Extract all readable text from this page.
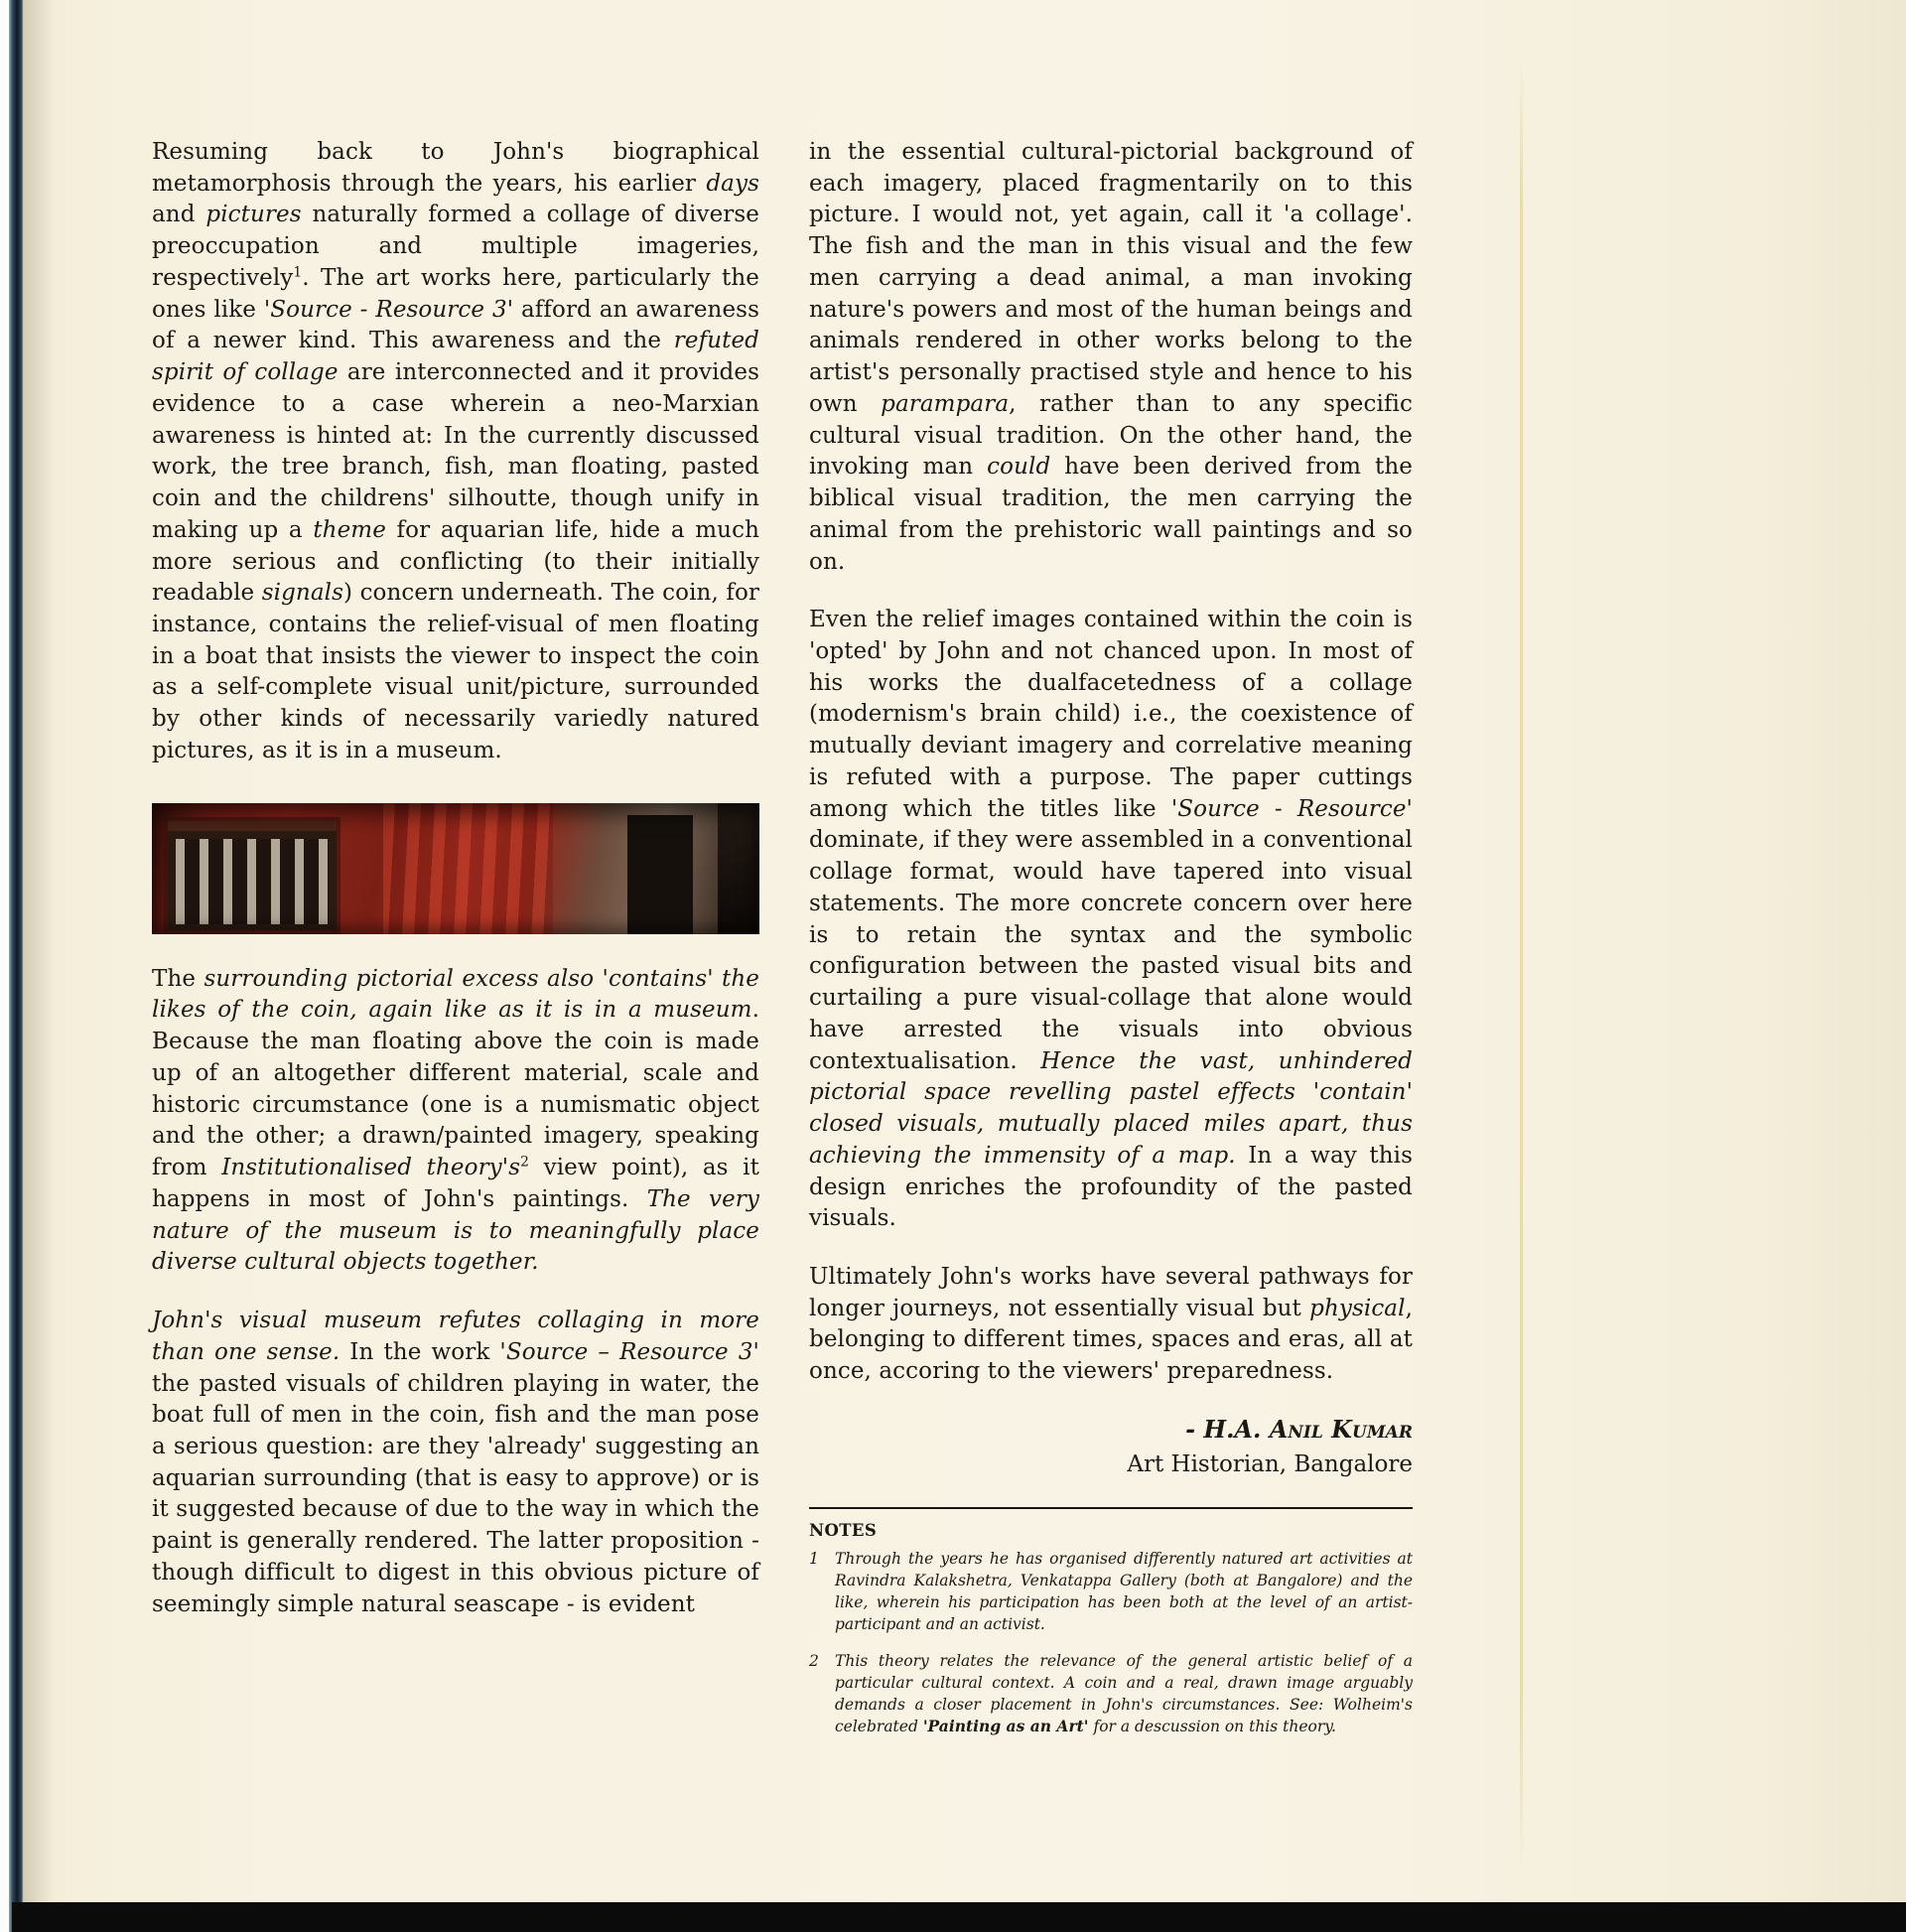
Resuming back to John's biographical metamorphosis through the years, his earlier days and pictures naturally formed a collage of diverse preoccupation and multiple imageries, respectively$^1$. The art works here, particularly the ones like 'Source - Resource 3' afford an awareness of a newer kind. This awareness and the refuted spirit of collage are interconnected and it provides evidence to a case wherein a neo-Marxian awareness is hinted at: In the currently discussed work, the tree branch, fish, man floating, pasted coin and the childrens' silhoutte, though unify in making up a theme for aquarian life, hide a much more serious and conflicting (to their initially readable signals) concern underneath. The coin, for instance, contains the relief-visual of men floating in a boat that insists the viewer to inspect the coin as a self-complete visual unit/picture, surrounded by other kinds of necessarily variedly natured pictures, as it is in a museum.

The surrounding pictorial excess also 'contains' the likes of the coin, again like as it is in a museum. Because the man floating above the coin is made up of an altogether different material, scale and historic circumstance (one is a numismatic object and the other; a drawn/painted imagery, speaking from Institutionalised $theory's^2$ view point), as it happens in most of John's paintings. The very nature of the museum is to meaningfully place diverse cultural objects together.

John's visual museum refutes collaging in more than one sense. In the work 'Source – Resource 3' the pasted visuals of children playing in water, the boat full of men in the coin, fish and the man pose a serious question: are they 'already' suggesting an aquarian surrounding (that is easy to approve) or is it suggested because of due to the way in which the paint is generally rendered. The latter proposition - though difficult to digest in this obvious picture of seemingly simple natural seascape - is evident

in the essential cultural-pictorial background of each imagery, placed fragmentarily on to this picture. I would not, yet again, call it 'a collage'. The fish and the man in this visual and the few men carrying a dead animal, a man invoking nature's powers and most of the human beings and animals rendered in other works belong to the artist's personally practised style and hence to his own parampara, rather than to any specific cultural visual tradition. On the other hand, the invoking man could have been derived from the biblical visual tradition, the men carrying the animal from the prehistoric wall paintings and so on.

Even the relief images contained within the coin is 'opted' by John and not chanced upon. In most of his works the dualfacetedness of a collage (modernism's brain child) i.e., the coexistence of mutually deviant imagery and correlative meaning is refuted with a purpose. The paper cuttings among which the titles like 'Source - Resource' dominate, if they were assembled in a conventional collage format, would have tapered into visual statements. The more concrete concern over here is to retain the syntax and the symbolic configuration between the pasted visual bits and curtailing a pure visual-collage that alone would have arrested the visuals into obvious contextualisation. Hence the vast, unhindered pictorial space revelling pastel effects 'contain' closed visuals, mutually placed miles apart, thus achieving the immensity of a map. In a way this design enriches the profoundity of the pasted visuals.

Ultimately John's works have several pathways for longer journeys, not essentially visual but physical, belonging to different times, spaces and eras, all at once, accoring to the viewers' preparedness.

- H.A. Anil Kumar
Art Historian, Bangalore
NOTES
1 Through the years he has organised differently natured art activities at Ravindra Kalakshetra, Venkatappa Gallery (both at Bangalore) and the like, wherein his participation has been both at the level of an artist-participant and an activist.
2 This theory relates the relevance of the general artistic belief of a particular cultural context. A coin and a real, drawn image arguably demands a closer placement in John's circumstances. See: Wolheim's celebrated 'Painting as an Art' for a descussion on this theory.
